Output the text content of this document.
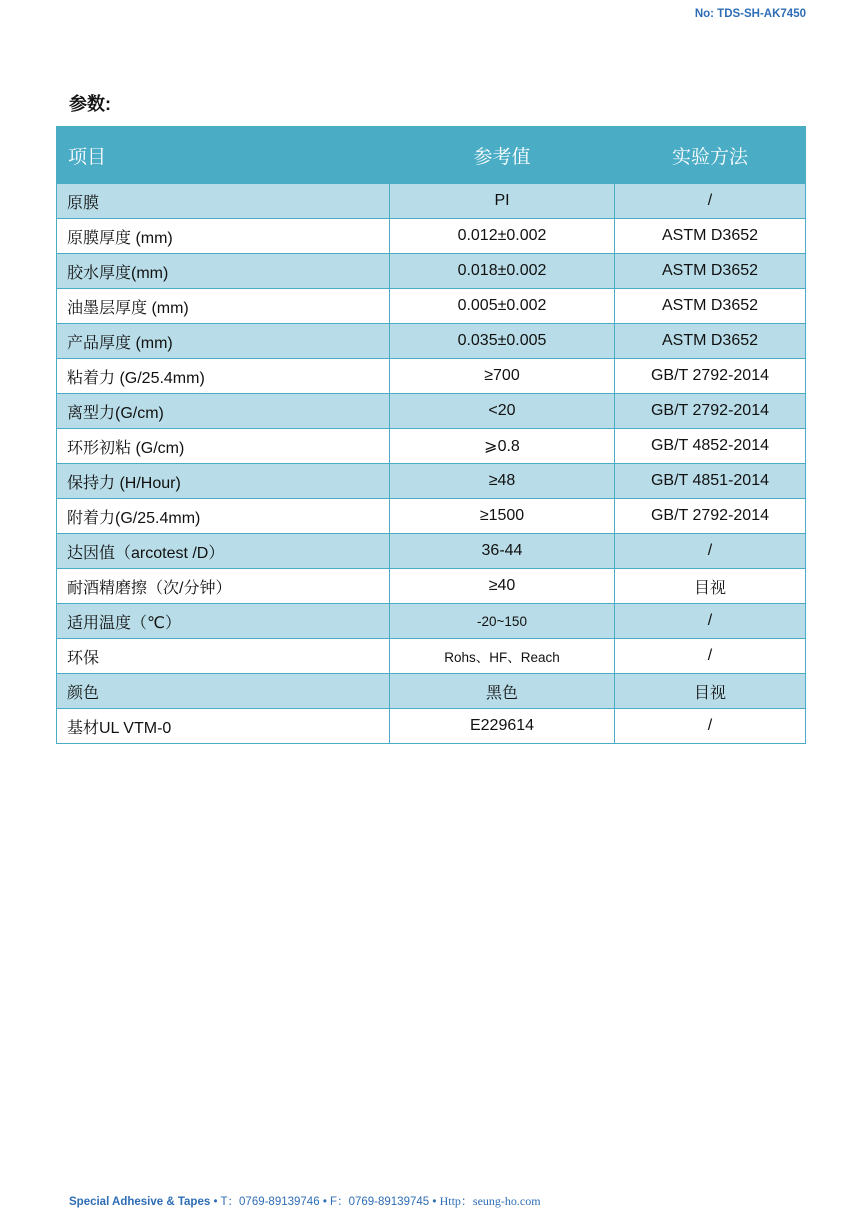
No: TDS-SH-AK7450
参数:
项目	参考值	实验方法
原膜	PI	/
原膜厚度 (mm)	0.012±0.002	ASTM D3652
胶水厚度(mm)	0.018±0.002	ASTM D3652
油墨层厚度 (mm)	0.005±0.002	ASTM D3652
产品厚度 (mm)	0.035±0.005	ASTM D3652
粘着力 (G/25.4mm)	≥700	GB/T 2792-2014
离型力(G/cm)	<20	GB/T 2792-2014
环形初粘 (G/cm)	⩾0.8	GB/T 4852-2014
保持力 (H/Hour)	≥48	GB/T 4851-2014
附着力(G/25.4mm)	≥1500	GB/T 2792-2014
达因值（arcotest /D）	36-44	/
耐酒精磨擦（次/分钟）	≥40	目视
适用温度（℃）	-20~150	/
环保	Rohs、HF、Reach	/
颜色	黑色	目视
基材UL VTM-0	E229614	/
Special Adhesive & Tapes • T：0769-89139746 • F：0769-89139745 • Http：seung-ho.com
